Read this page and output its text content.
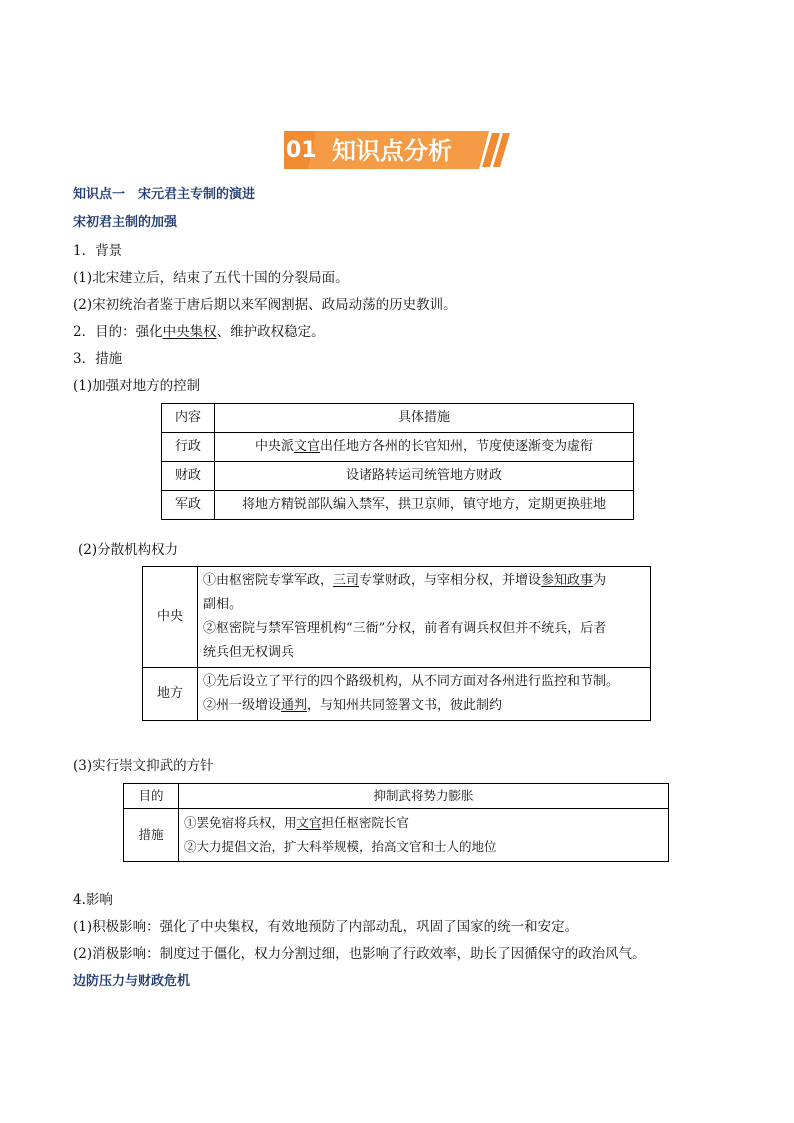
01 知识点分析
知识点一　宋元君主专制的演进
宋初君主制的加强
1．背景
(1)北宋建立后，结束了五代十国的分裂局面。
(2)宋初统治者鉴于唐后期以来军阀割据、政局动荡的历史教训。
2．目的：强化中央集权、维护政权稳定。
3．措施
(1)加强对地方的控制
内容	具体措施
行政	中央派文官出任地方各州的长官知州，节度使逐渐变为虚衔
财政	设诸路转运司统管地方财政
军政	将地方精锐部队编入禁军，拱卫京师，镇守地方，定期更换驻地
(2)分散机构权力
中央	①由枢密院专掌军政，三司专掌财政，与宰相分权，并增设参知政事为
副相。
②枢密院与禁军管理机构“三衙”分权，前者有调兵权但并不统兵，后者
统兵但无权调兵

地方	①先后设立了平行的四个路级机构，从不同方面对各州进行监控和节制。
②州一级增设通判，与知州共同签署文书，彼此制约
(3)实行崇文抑武的方针
目的	抑制武将势力膨胀
措施	①罢免宿将兵权，用文官担任枢密院长官
②大力提倡文治，扩大科举规模，抬高文官和士人的地位
4.影响
(1)积极影响：强化了中央集权，有效地预防了内部动乱，巩固了国家的统一和安定。
(2)消极影响：制度过于僵化，权力分割过细，也影响了行政效率，助长了因循保守的政治风气。
边防压力与财政危机
